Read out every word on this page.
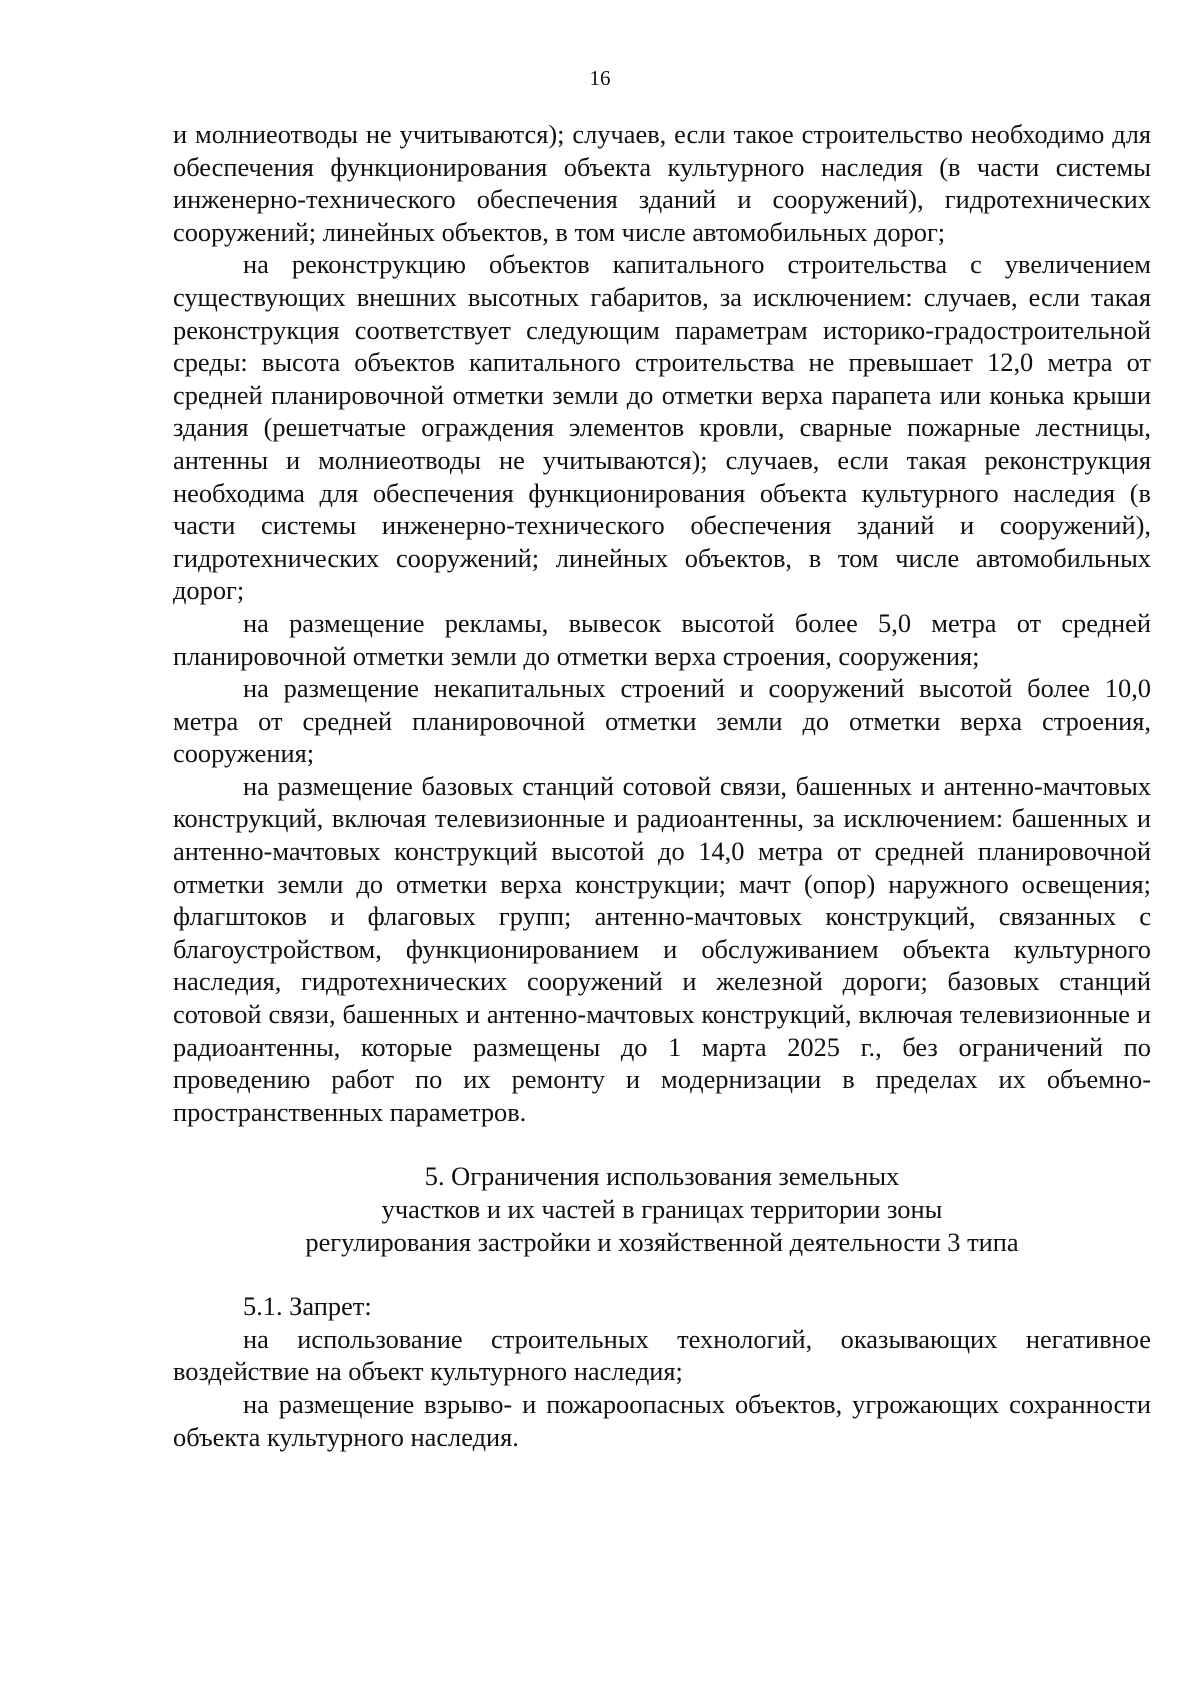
16

и молниеотводы не учитываются); случаев, если такое строительство необходимо для обеспечения функционирования объекта культурного наследия (в части системы инженерно-технического обеспечения зданий и сооружений), гидротехнических сооружений; линейных объектов, в том числе автомобильных дорог;

на реконструкцию объектов капитального строительства с увеличением существующих внешних высотных габаритов, за исключением: случаев, если такая реконструкция соответствует следующим параметрам историко-градостроительной среды: высота объектов капитального строительства не превышает 12,0 метра от средней планировочной отметки земли до отметки верха парапета или конька крыши здания (решетчатые ограждения элементов кровли, сварные пожарные лестницы, антенны и молниеотводы не учитываются); случаев, если такая реконструкция необходима для обеспечения функционирования объекта культурного наследия (в части системы инженерно-технического обеспечения зданий и сооружений), гидротехнических сооружений; линейных объектов, в том числе автомобильных дорог;

на размещение рекламы, вывесок высотой более 5,0 метра от средней планировочной отметки земли до отметки верха строения, сооружения;

на размещение некапитальных строений и сооружений высотой более 10,0 метра от средней планировочной отметки земли до отметки верха строения, сооружения;

на размещение базовых станций сотовой связи, башенных и антенно-мачтовых конструкций, включая телевизионные и радиоантенны, за исключением: башенных и антенно-мачтовых конструкций высотой до 14,0 метра от средней планировочной отметки земли до отметки верха конструкции; мачт (опор) наружного освещения; флагштоков и флаговых групп; антенно-мачтовых конструкций, связанных с благоустройством, функционированием и обслуживанием объекта культурного наследия, гидротехнических сооружений и железной дороги; базовых станций сотовой связи, башенных и антенно-мачтовых конструкций, включая телевизионные и радиоантенны, которые размещены до 1 марта 2025 г., без ограничений по проведению работ по их ремонту и модернизации в пределах их объемно-пространственных параметров.

5. Ограничения использования земельных
участков и их частей в границах территории зоны
регулирования застройки и хозяйственной деятельности 3 типа

5.1. Запрет:

на использование строительных технологий, оказывающих негативное воздействие на объект культурного наследия;

на размещение взрыво- и пожароопасных объектов, угрожающих сохранности объекта культурного наследия.
